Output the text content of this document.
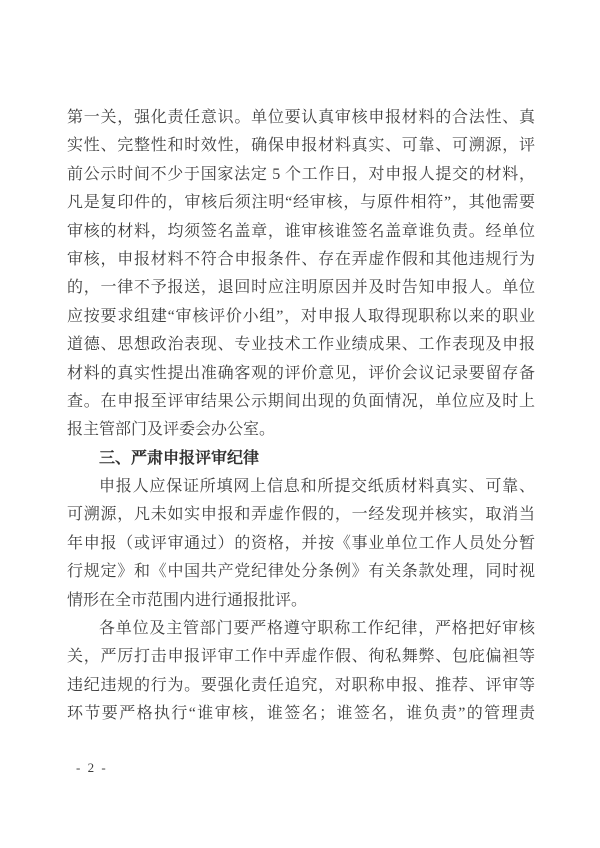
第一关，强化责任意识。单位要认真审核申报材料的合法性、真
实性、完整性和时效性，确保申报材料真实、可靠、可溯源，评
前公示时间不少于国家法定 5 个工作日，对申报人提交的材料，
凡是复印件的，审核后须注明“经审核，与原件相符”，其他需要
审核的材料，均须签名盖章，谁审核谁签名盖章谁负责。经单位
审核，申报材料不符合申报条件、存在弄虚作假和其他违规行为
的，一律不予报送，退回时应注明原因并及时告知申报人。单位
应按要求组建“审核评价小组”，对申报人取得现职称以来的职业
道德、思想政治表现、专业技术工作业绩成果、工作表现及申报
材料的真实性提出准确客观的评价意见，评价会议记录要留存备
查。在申报至评审结果公示期间出现的负面情况，单位应及时上
报主管部门及评委会办公室。
三、严肃申报评审纪律
申报人应保证所填网上信息和所提交纸质材料真实、可靠、
可溯源，凡未如实申报和弄虚作假的，一经发现并核实，取消当
年申报（或评审通过）的资格，并按《事业单位工作人员处分暂
行规定》和《中国共产党纪律处分条例》有关条款处理，同时视
情形在全市范围内进行通报批评。
各单位及主管部门要严格遵守职称工作纪律，严格把好审核
关，严厉打击申报评审工作中弄虚作假、徇私舞弊、包庇偏袒等
违纪违规的行为。要强化责任追究，对职称申报、推荐、评审等
环节要严格执行“谁审核，谁签名；谁签名，谁负责”的管理责
- 2 -
